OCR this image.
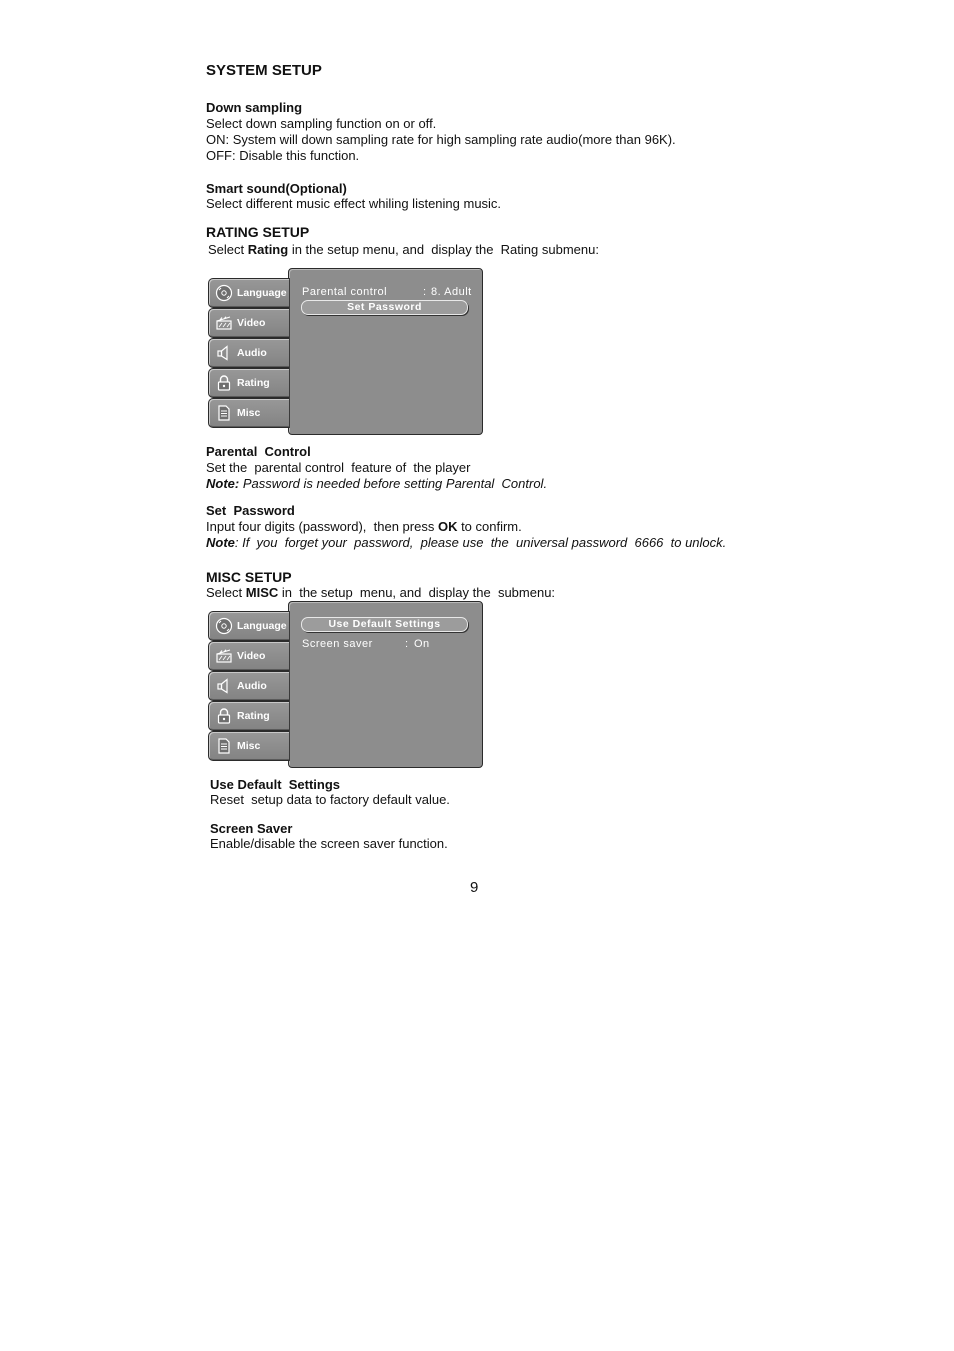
SYSTEM SETUP
Down sampling
Select down sampling function on or off.
ON: System will down sampling rate for high sampling rate audio(more than 96K).
OFF: Disable this function.
Smart sound(Optional)
Select different music effect whiling listening music.
RATING SETUP
Select Rating in the setup menu, and  display the  Rating submenu:
Parental control	: 8. Adult
Set Password
Language
Video
Audio
Rating
Misc
Parental  Control
Set the  parental control  feature of  the player
Note: Password is needed before setting Parental  Control.
Set  Password
Input four digits (password),  then press OK to confirm.
Note: If  you  forget your  password,  please use  the  universal password  6666  to unlock.
MISC SETUP
Select MISC in  the setup  menu, and  display the  submenu:
Use Default Settings
Screen saver	: On
Language
Video
Audio
Rating
Misc
Use Default  Settings
Reset  setup data to factory default value.
Screen Saver
Enable/disable the screen saver function.
9
